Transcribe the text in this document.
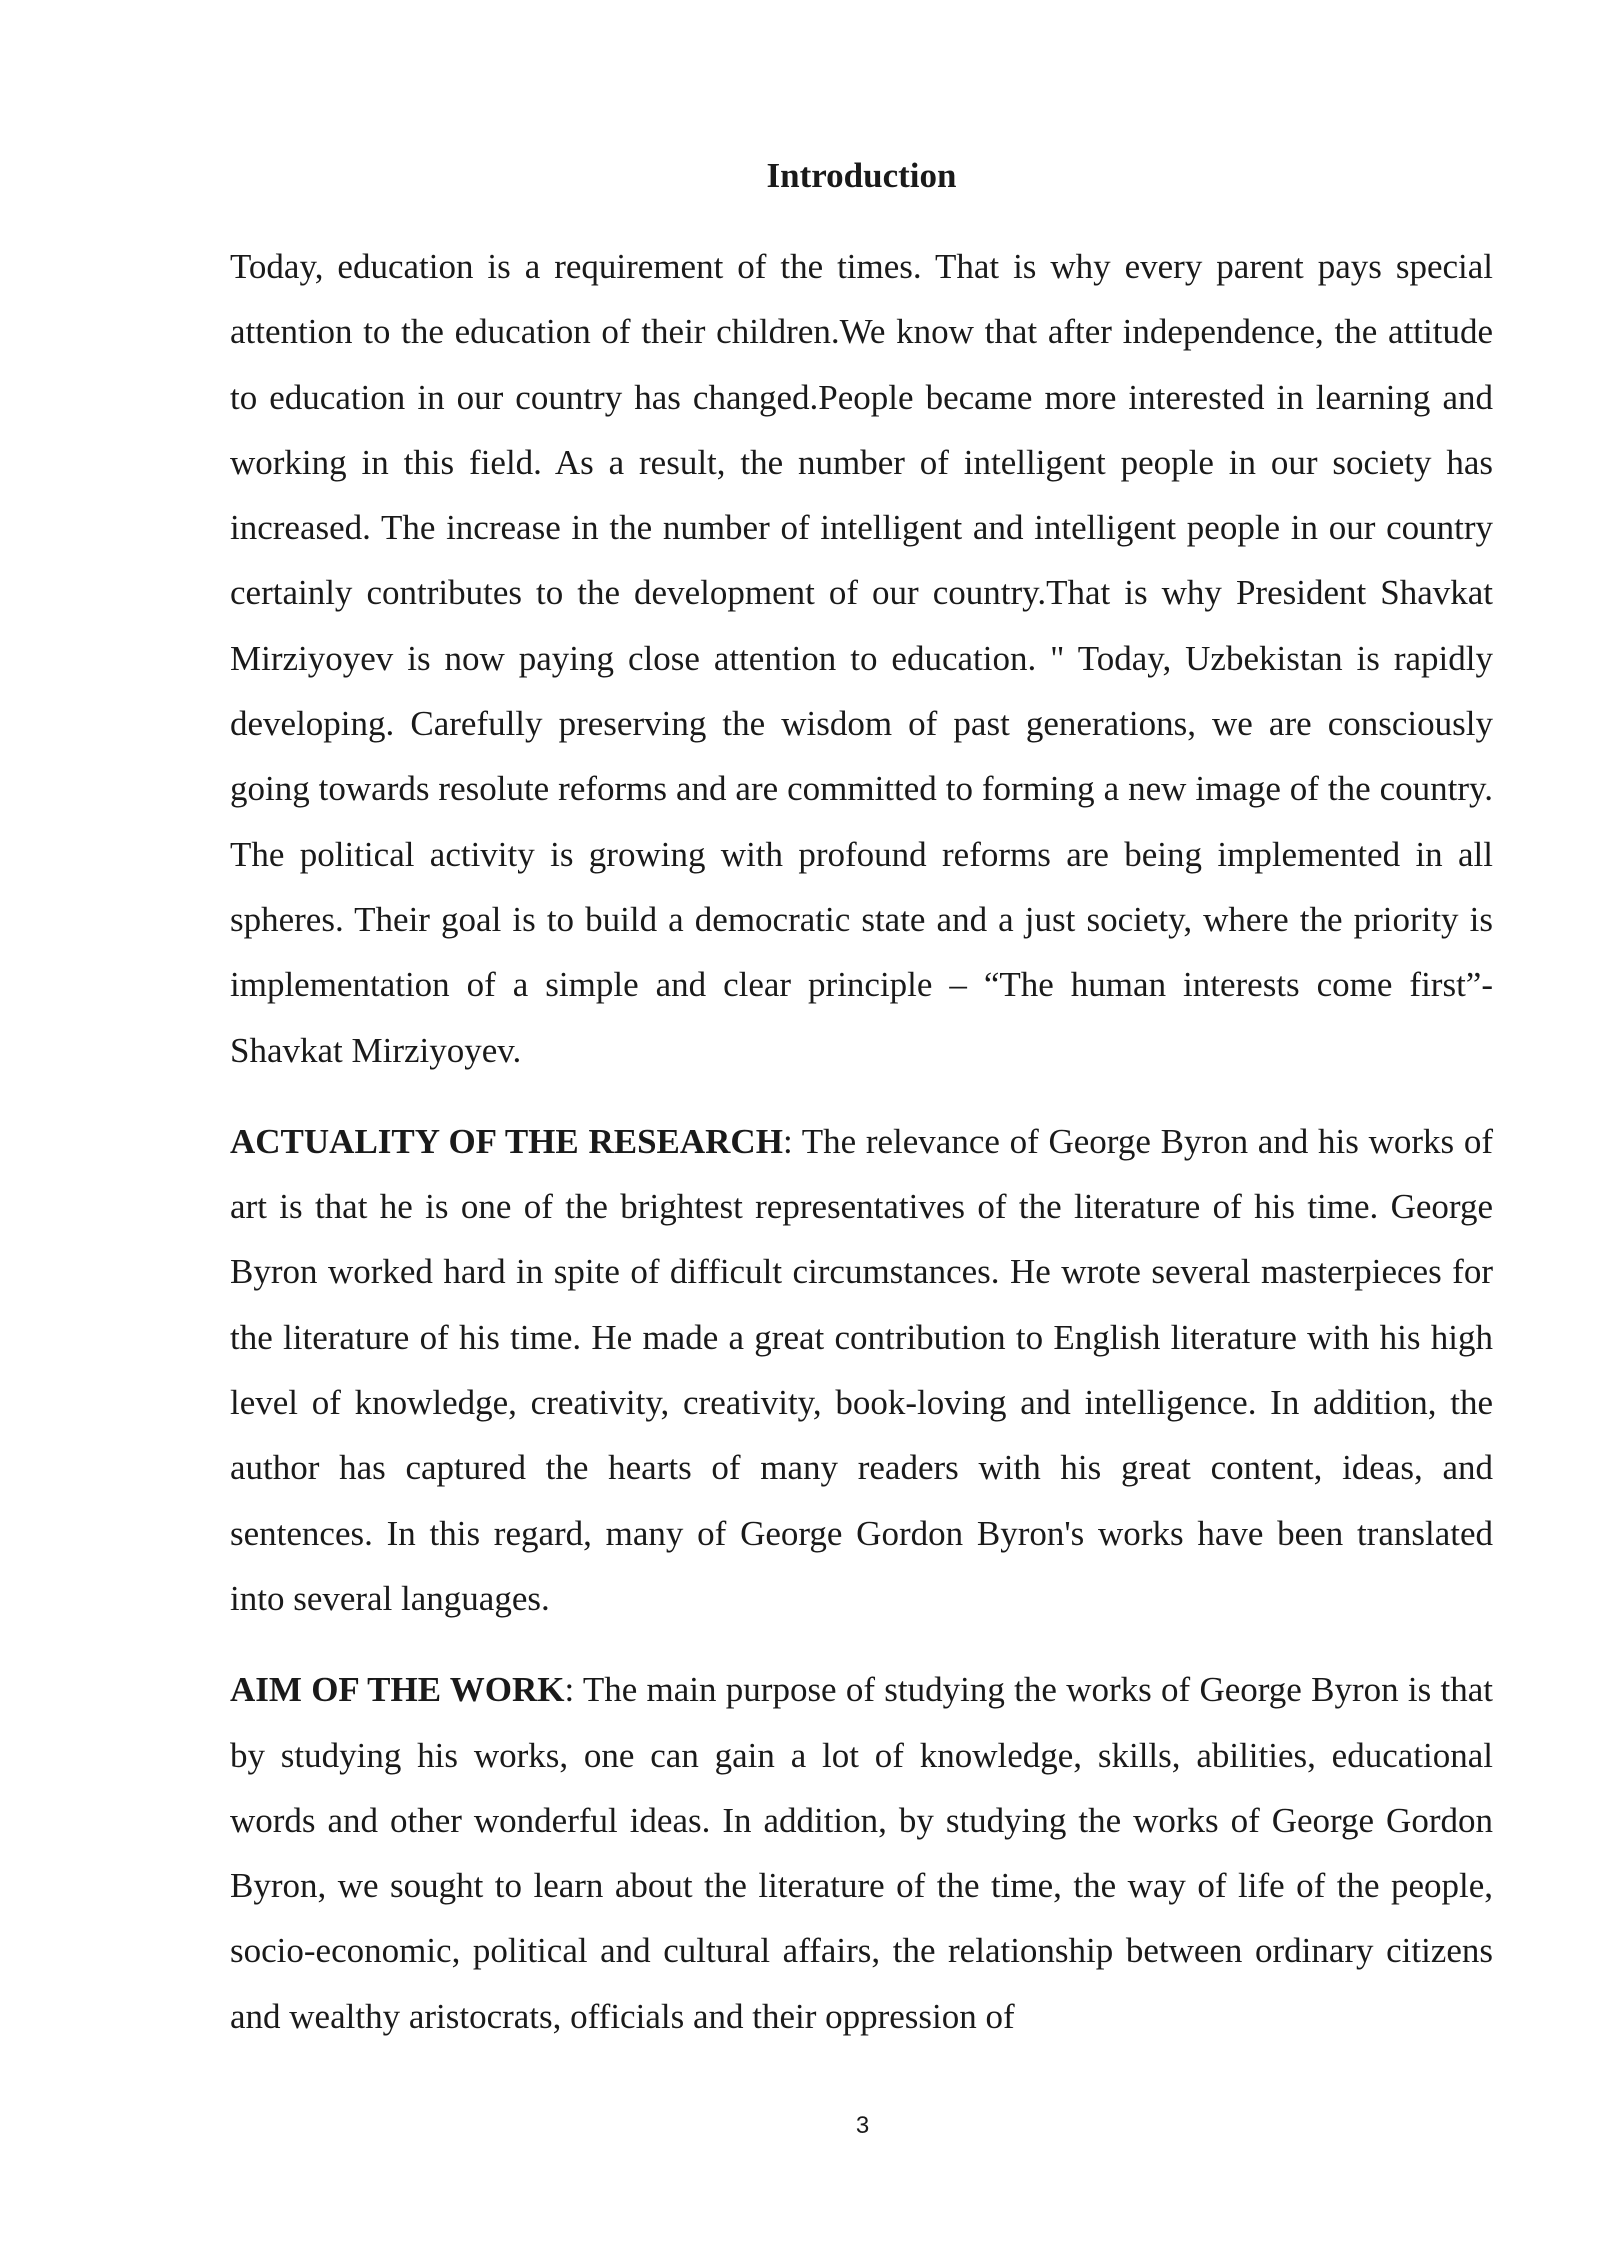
Introduction

Today, education is a requirement of the times. That is why every parent pays special attention to the education of their children.We know that after independence, the attitude to education in our country has changed.People became more interested in learning and working in this field. As a result, the number of intelligent people in our society has increased. The increase in the number of intelligent and intelligent people in our country certainly contributes to the development of our country.That is why President Shavkat Mirziyoyev is now paying close attention to education. " Today, Uzbekistan is rapidly developing. Carefully preserving the wisdom of past generations, we are consciously going towards resolute reforms and are committed to forming a new image of the country. The political activity is growing with profound reforms are being implemented in all spheres. Their goal is to build a democratic state and a just society, where the priority is implementation of a simple and clear principle – “The human interests come first”- Shavkat Mirziyoyev.

ACTUALITY OF THE RESEARCH: The relevance of George Byron and his works of art is that he is one of the brightest representatives of the literature of his time. George Byron worked hard in spite of difficult circumstances. He wrote several masterpieces for the literature of his time. He made a great contribution to English literature with his high level of knowledge, creativity, creativity, book-loving and intelligence. In addition, the author has captured the hearts of many readers with his great content, ideas, and sentences. In this regard, many of George Gordon Byron's works have been translated into several languages.

AIM OF THE WORK: The main purpose of studying the works of George Byron is that by studying his works, one can gain a lot of knowledge, skills, abilities, educational words and other wonderful ideas. In addition, by studying the works of George Gordon Byron, we sought to learn about the literature of the time, the way of life of the people, socio-economic, political and cultural affairs, the relationship between ordinary citizens and wealthy aristocrats, officials and their oppression of

3
